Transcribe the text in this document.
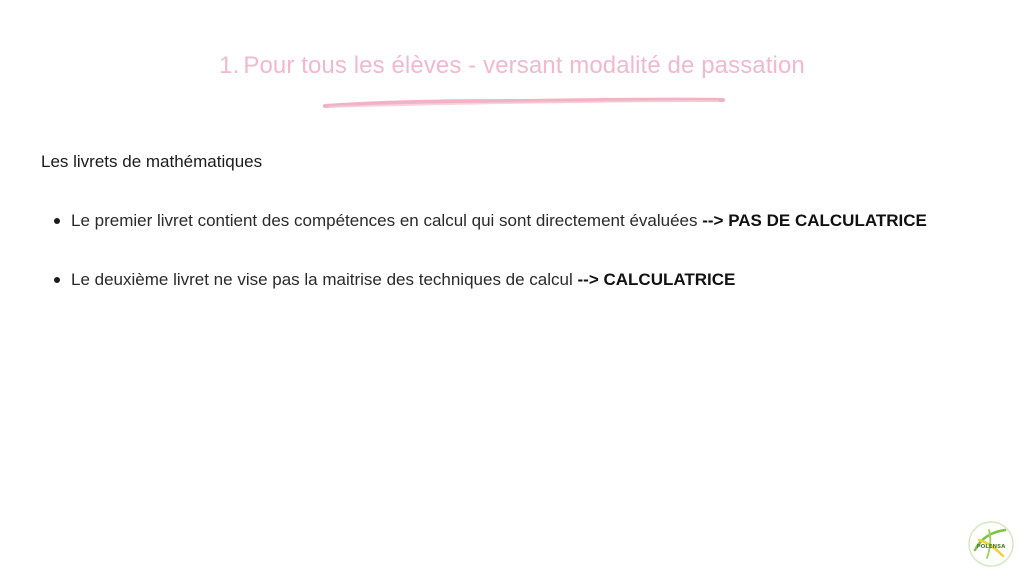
1. Pour tous les élèves - versant modalité de passation
Les livrets de mathématiques
Le premier livret contient des compétences en calcul qui sont directement évaluées --> PAS DE CALCULATRICE
Le deuxième livret ne vise pas la maitrise des techniques de calcul --> CALCULATRICE
POLENSA
